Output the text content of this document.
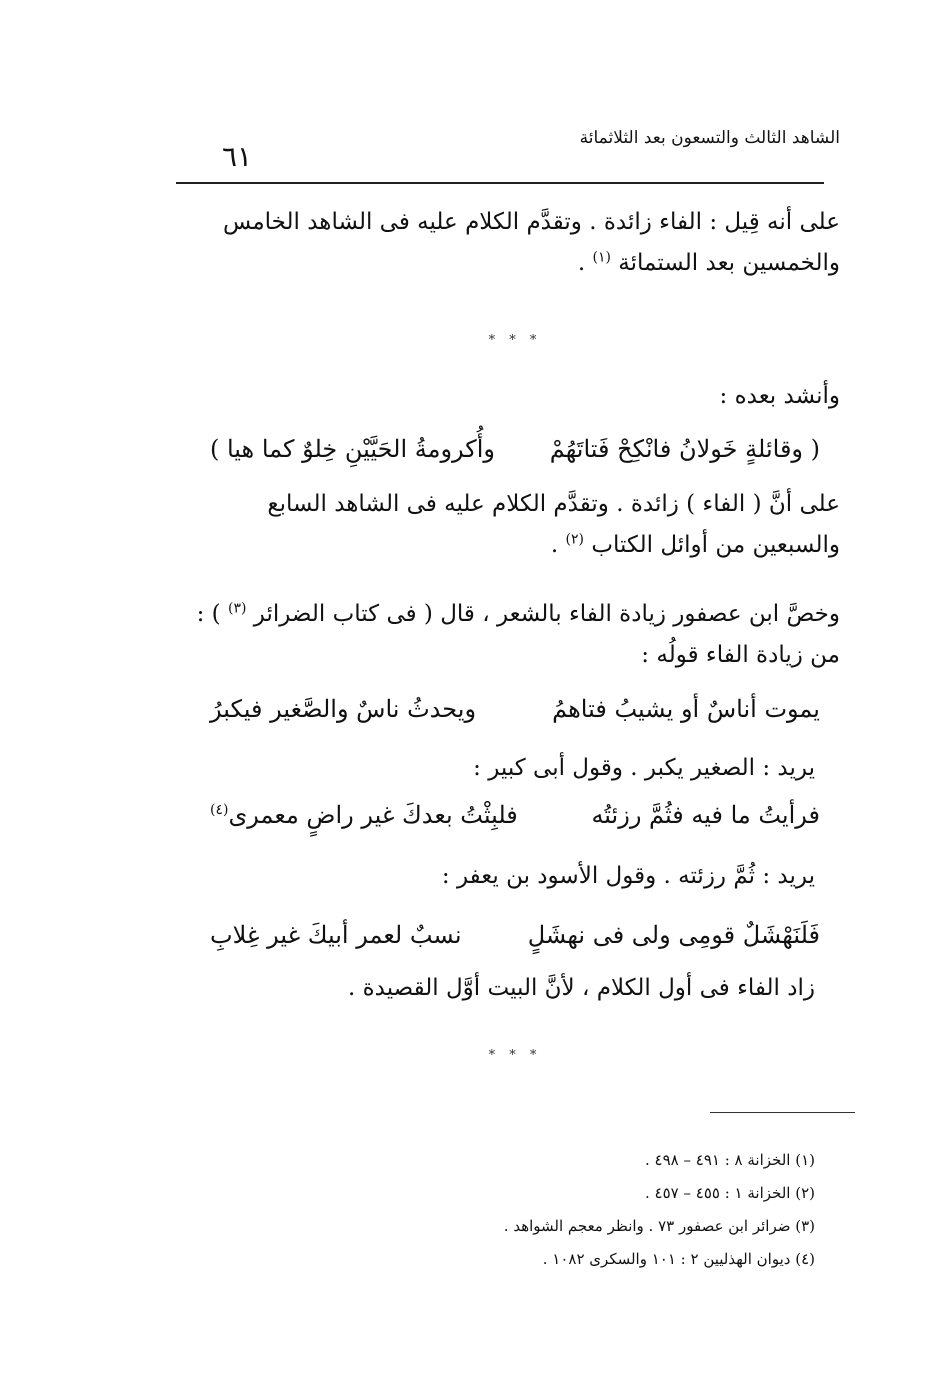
الشاهد الثالث والتسعون بعد الثلاثمائة
٦١
على أنه قِيل : الفاء زائدة . وتقدَّم الكلام عليه فى الشاهد الخامس والخمسين بعد الستمائة $^{(١)}$ .
* * *
وأنشد بعده :
( وقائلةٍ خَولانُ فانْكِحْ فَتاتَهُمْ
وأُكرومةُ الحَيَّيْنِ خِلوٌ كما هيا )
على أنَّ ( الفاء ) زائدة . وتقدَّم الكلام عليه فى الشاهد السابع والسبعين من أوائل الكتاب $^{(٢)}$ .
وخصَّ ابن عصفور زيادة الفاء بالشعر ، قال ( فى كتاب الضرائر $^{(٣)}$ ) : من زيادة الفاء قولُه :
يموت أناسٌ أو يشيبُ فتاهمُ
ويحدثُ ناسٌ والصَّغير فيكبرُ
يريد : الصغير يكبر . وقول أبى كبير :
فرأيتُ ما فيه فثُمَّ رزئتُه
فلبِثْتُ بعدكَ غير راضٍ معمرى$^{(٤)}$
يريد : ثُمَّ رزئته . وقول الأسود بن يعفر :
فَلَنَهْشَلٌ قومِى ولى فى نهشَلٍ
نسبٌ لعمر أبيكَ غير غِلابِ
زاد الفاء فى أول الكلام ، لأنَّ البيت أوَّل القصيدة .
* * *
(١) الخزانة ٨ : ٤٩١ – ٤٩٨ .
(٢) الخزانة ١ : ٤٥٥ – ٤٥٧ .
(٣) ضرائر ابن عصفور ٧٣ . وانظر معجم الشواهد .
(٤) ديوان الهذليين ٢ : ١٠١ والسكرى ١٠٨٢ .
